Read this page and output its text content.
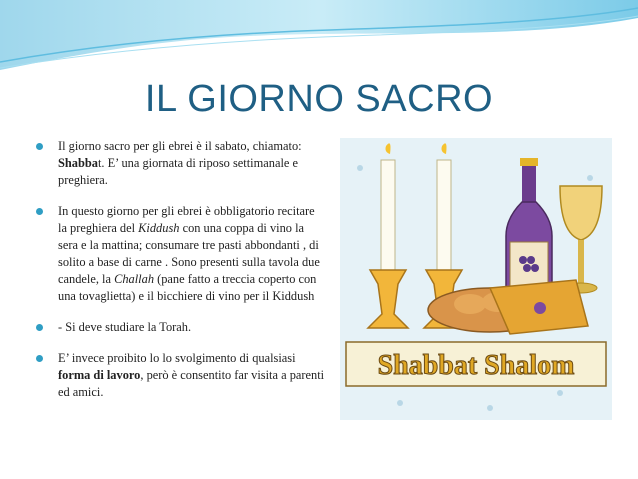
IL GIORNO SACRO
Il giorno sacro per gli ebrei è il sabato, chiamato: Shabbat. E’ una giornata di riposo settimanale e preghiera.
In questo giorno per gli ebrei è obbligatorio recitare la preghiera del Kiddush con una coppa di vino la sera e la mattina; consumare tre pasti abbondanti , di solito a base di carne . Sono presenti sulla tavola due candele, la Challah (pane fatto a treccia coperto con una tovaglietta) e il bicchiere di vino per il Kiddush
- Si deve studiare la Torah.
E’ invece proibito lo lo svolgimento di qualsiasi forma di lavoro, però è consentito far visita a parenti ed amici.
Shabbat Shalom
